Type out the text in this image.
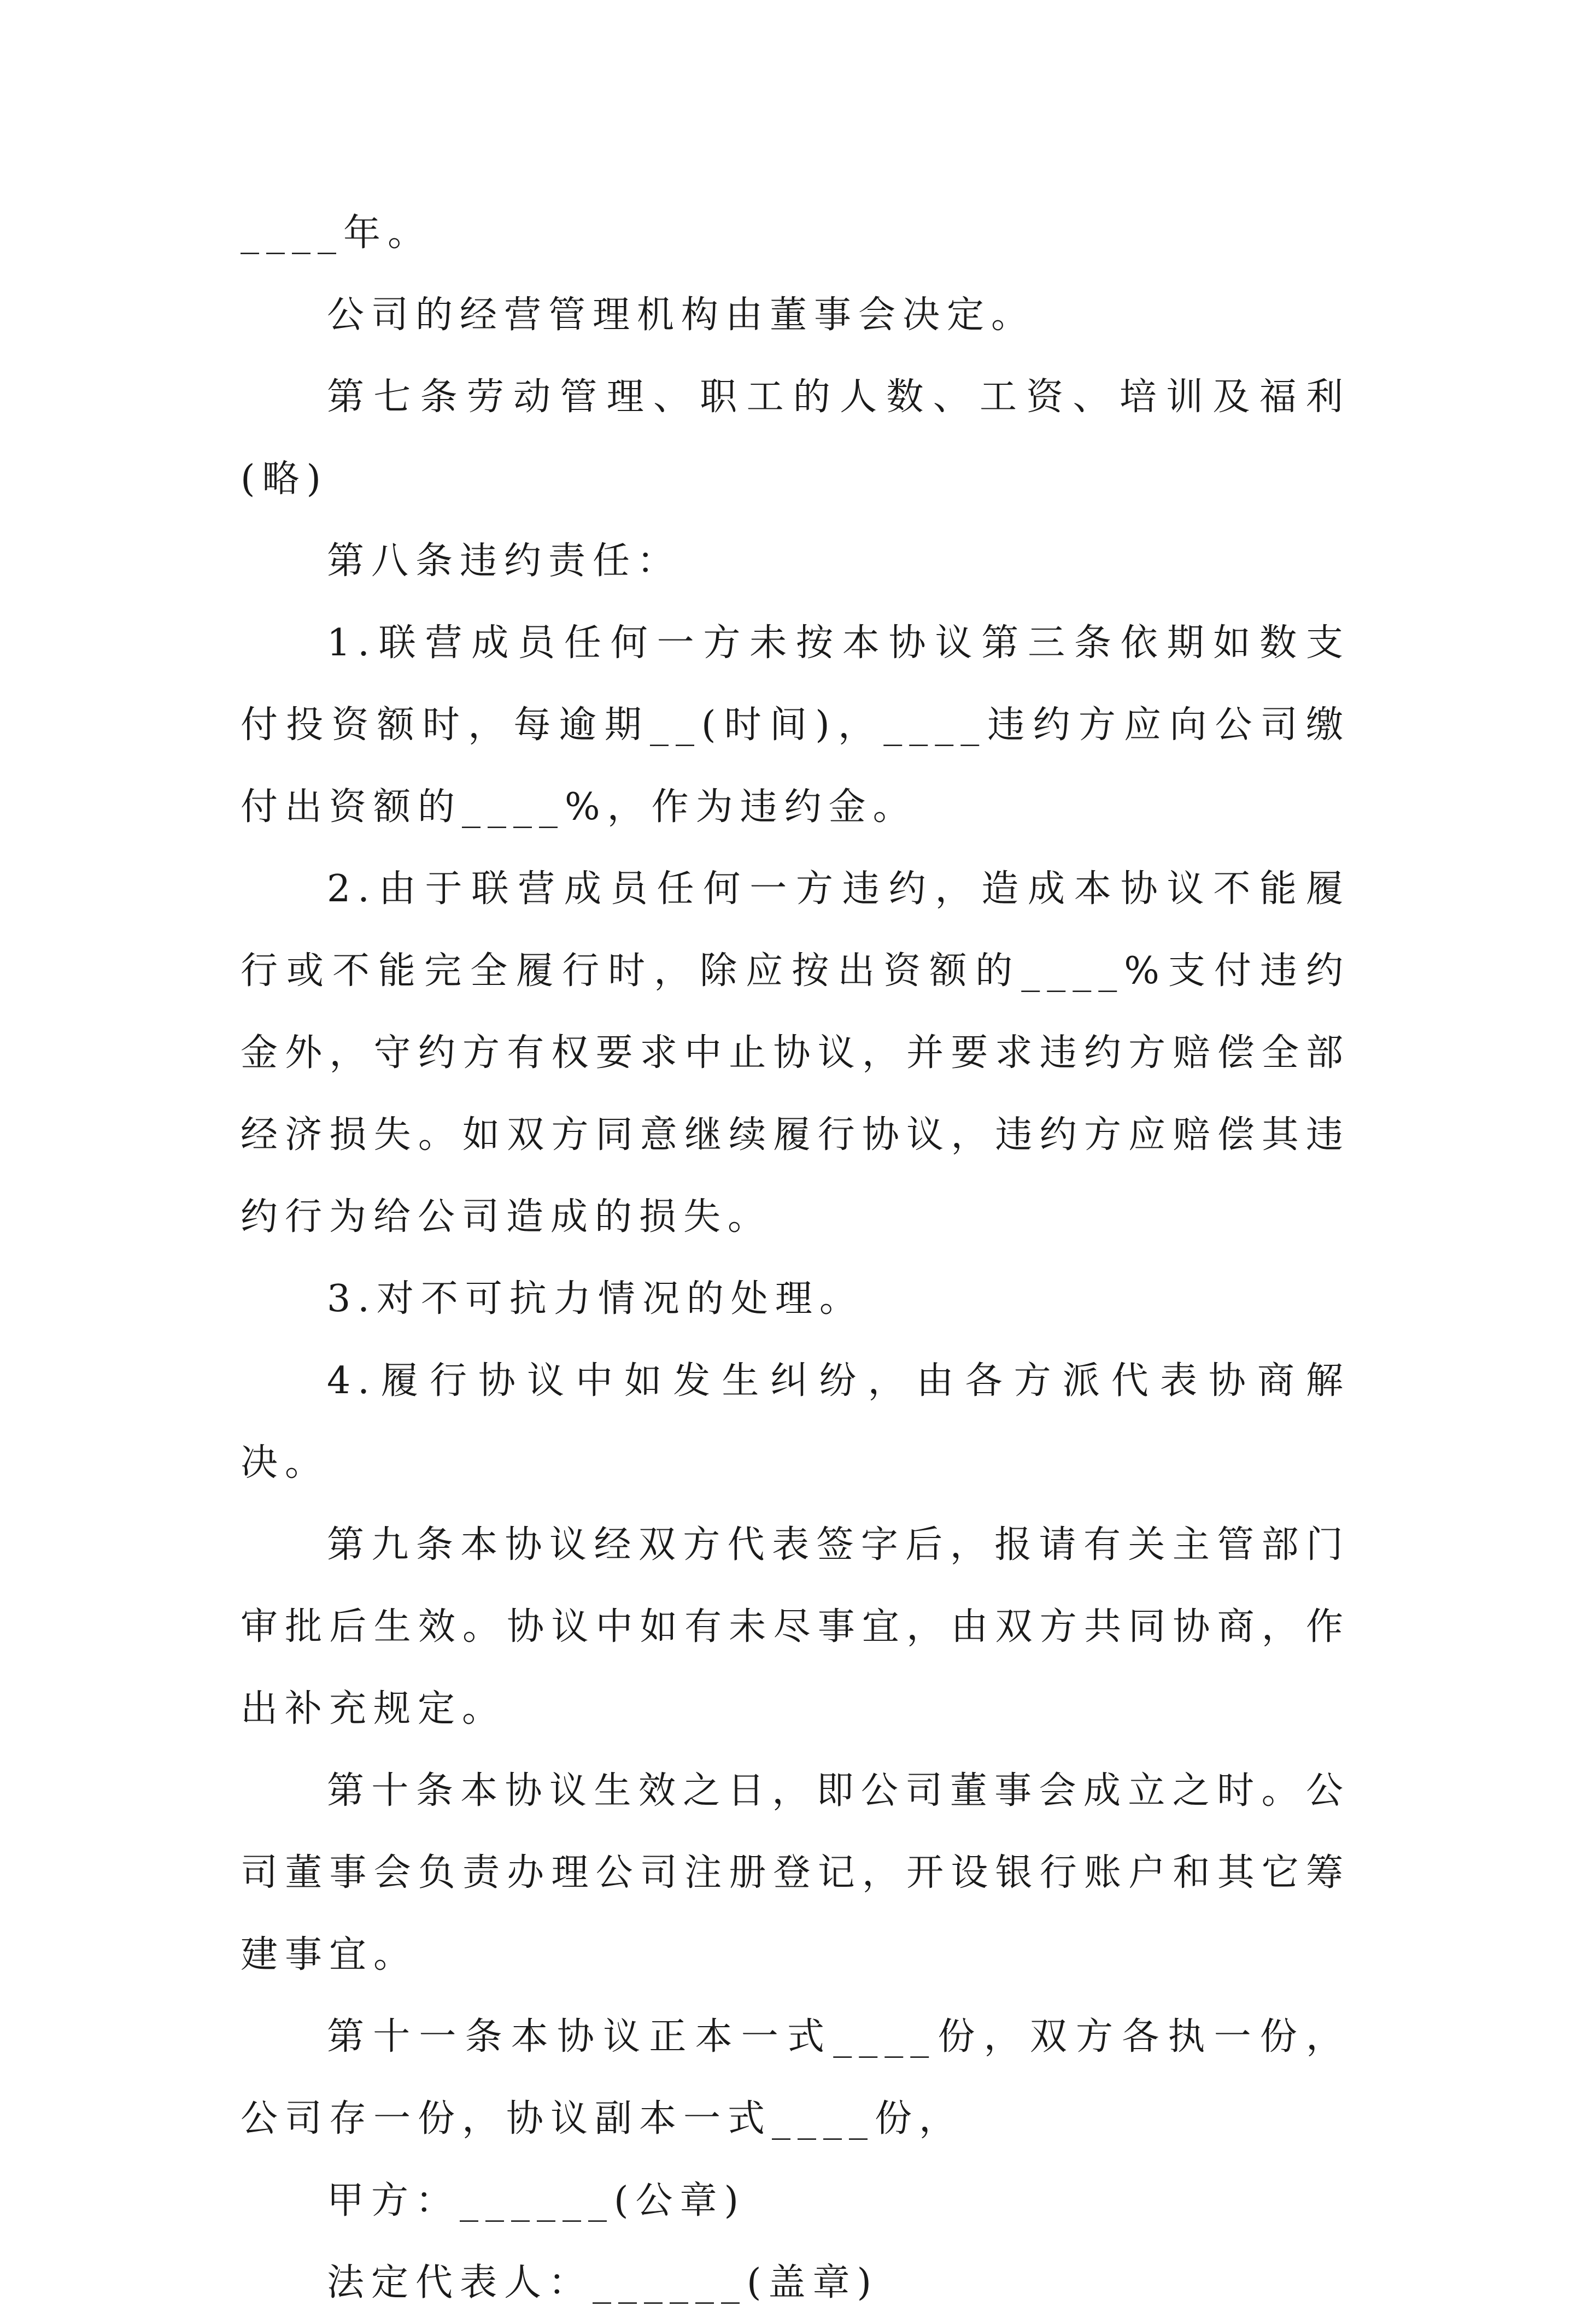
____年。

公司的经营管理机构由董事会决定。

第七条劳动管理、职工的人数、工资、培训及福利(略)

第八条违约责任：

1.联营成员任何一方未按本协议第三条依期如数支付投资额时，每逾期__(时间)，____违约方应向公司缴付出资额的____%，作为违约金。

2.由于联营成员任何一方违约，造成本协议不能履行或不能完全履行时，除应按出资额的____%支付违约金外，守约方有权要求中止协议，并要求违约方赔偿全部经济损失。如双方同意继续履行协议，违约方应赔偿其违约行为给公司造成的损失。

3.对不可抗力情况的处理。

4.履行协议中如发生纠纷，由各方派代表协商解决。

第九条本协议经双方代表签字后，报请有关主管部门审批后生效。协议中如有未尽事宜，由双方共同协商，作出补充规定。

第十条本协议生效之日，即公司董事会成立之时。公司董事会负责办理公司注册登记，开设银行账户和其它筹建事宜。

第十一条本协议正本一式____份，双方各执一份，公司存一份，协议副本一式____份，

甲方：______(公章)

法定代表人：______(盖章)
